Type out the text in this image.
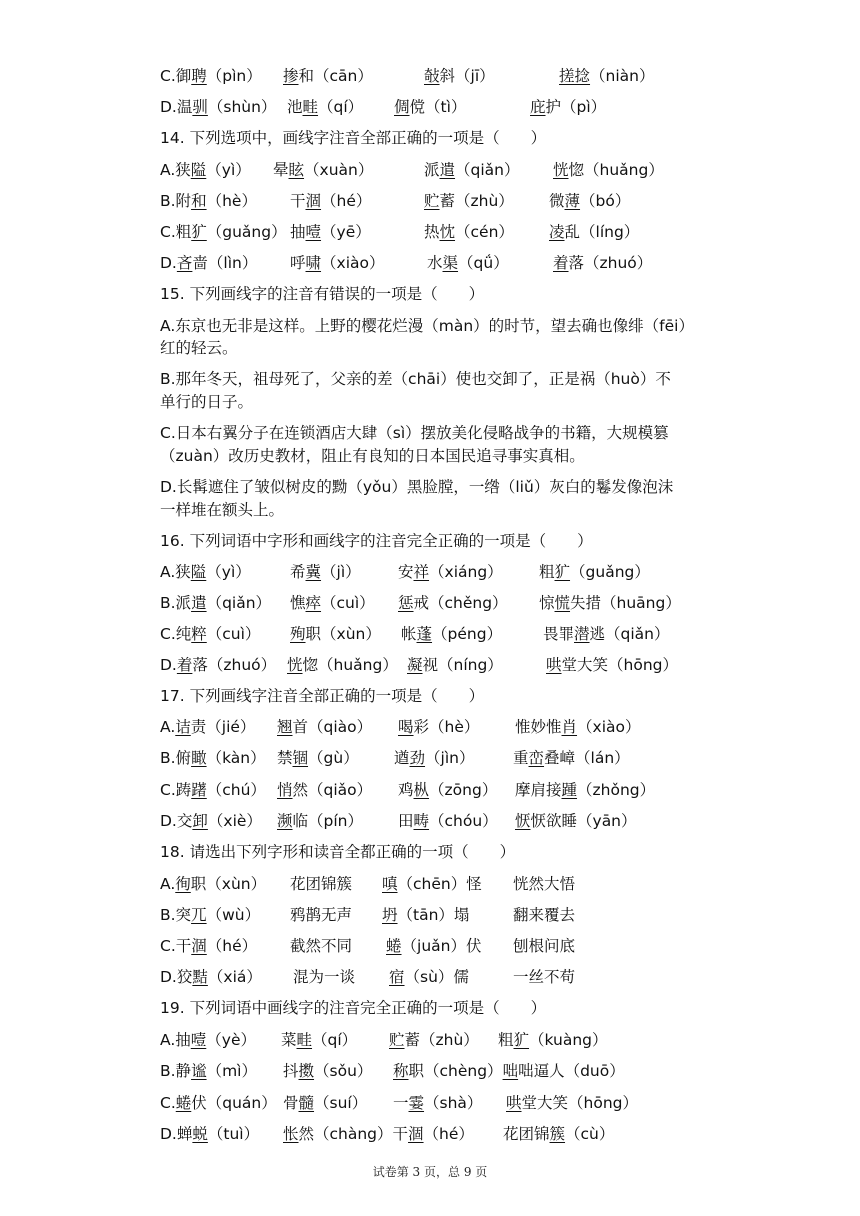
C.御聘（pìn） 掺和（cān）	敧斜（jī）	搓捻（niàn）
D.温驯（shùn） 池畦（qí） 倜傥（tì）	庇护（pì）
14. 下列选项中，画线字注音全部正确的一项是（　　）
A.狭隘（yì） 晕眩（xuàn）	派遣（qiǎn） 恍惚（huǎng）
B.附和（hè） 干涸（hé）	贮蓄（zhù） 微薄（bó）
C.粗犷（guǎng） 抽噎（yē）	热忱（cén） 凌乱（líng）
D.吝啬（lìn） 呼啸（xiào）	水渠（qǘ）	着落（zhuó）
15. 下列画线字的注音有错误的一项是（　　）
A.东京也无非是这样。上野的樱花烂漫（màn）的时节，望去确也像绯（fēi）
红的轻云。
B.那年冬天，祖母死了，父亲的差（chāi）使也交卸了，正是祸（huò）不
单行的日子。
C.日本右翼分子在连锁酒店大肆（sì）摆放美化侵略战争的书籍，大规模篡
（zuàn）改历史教材，阻止有良知的日本国民追寻事实真相。
D.长髯遮住了皱似树皮的黝（yǒu）黑脸膛，一绺（liǔ）灰白的鬈发像泡沫
一样堆在额头上。
16. 下列词语中字形和画线字的注音完全正确的一项是（　　）
A.狭隘（yì）	希冀（jì） 安祥（xiáng） 粗犷（guǎng）
B.派遣（qiǎn） 憔瘁（cuì） 惩戒（chěng） 惊慌失措（huāng）
C.纯粹（cuì） 殉职（xùn） 帐蓬（péng）	畏罪潜逃（qiǎn）
D.着落（zhuó） 恍惚（huǎng） 凝视（níng）	哄堂大笑（hōng）
17. 下列画线字注音全部正确的一项是（　　）
A.诘责（jié） 翘首（qiào） 喝彩（hè） 惟妙惟肖（xiào）
B.俯瞰（kàn） 禁锢（gù） 遒劲（jìn） 重峦叠嶂（lán）
C.踌躇（chú） 悄然（qiǎo） 鸡枞（zōng） 摩肩接踵（zhǒng）
D.交卸（xiè） 濒临（pín） 田畴（chóu） 恹恹欲睡（yān）
18. 请选出下列字形和读音全都正确的一项（　　）
A.徇职（xùn） 花团锦簇 嗔（chēn）怪 恍然大悟
B.突兀（wù） 鸦鹊无声 坍（tān）塌	翻来覆去
C.干涸（hé） 截然不同 蜷（juǎn）伏 刨根问底
D.狡黠（xiá） 混为一谈 宿（sù）儒	一丝不苟
19. 下列词语中画线字的注音完全正确的一项是（　　）
A.抽噎（yè） 菜畦（qí） 贮蓄（zhù） 粗犷（kuàng）
B.静谧（mì） 抖擞（sǒu） 称职（chèng）咄咄逼人（duō）
C.蜷伏（quán） 骨髓（suí） 一霎（shà） 哄堂大笑（hōng）
D.蝉蜕（tuì） 怅然（chàng）干涸（hé） 花团锦簇（cù）
试卷第 3 页，总 9 页
